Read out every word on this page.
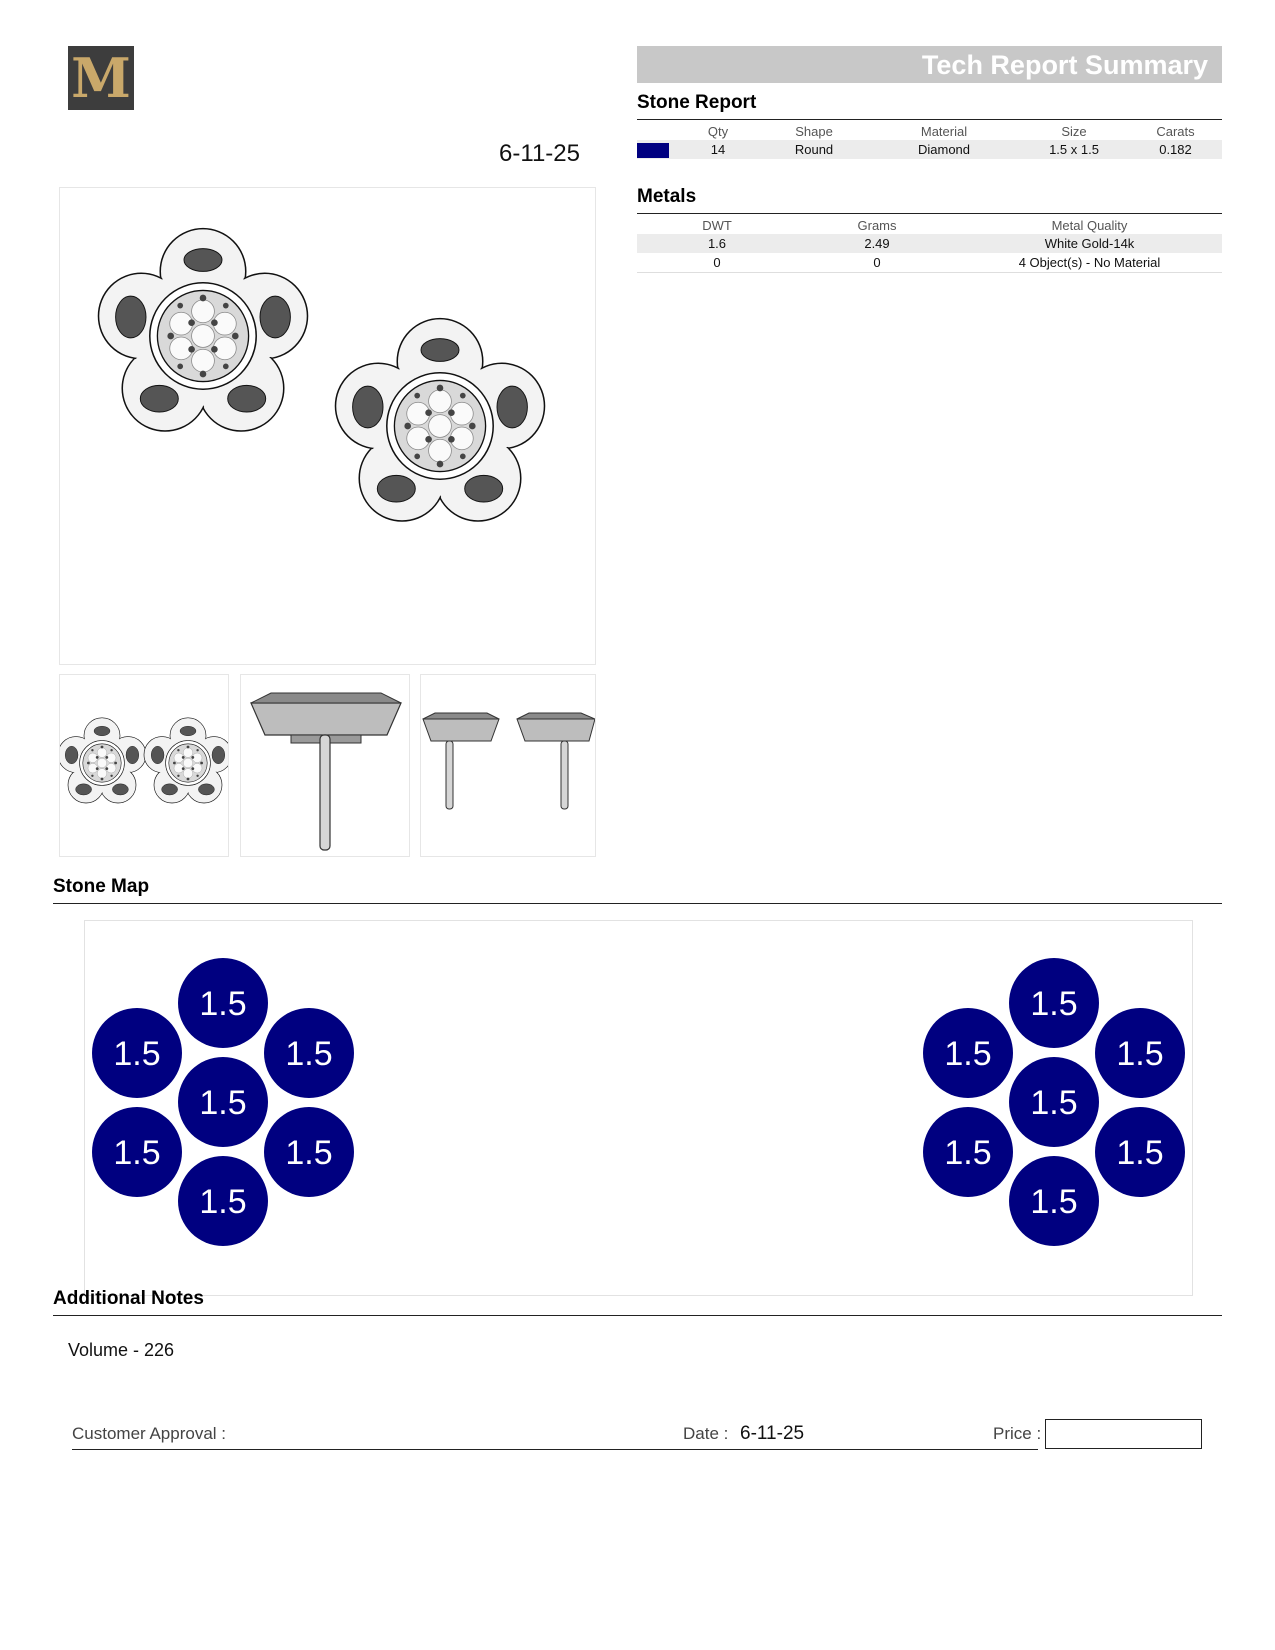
M
6-11-25
Tech Report Summary
Stone Report
	Qty	Shape	Material	Size	Carats
	14	Round	Diamond	1.5 x 1.5	0.182
Metals
DWT	Grams	Metal Quality
1.6	2.49	White Gold-14k
0	0	4 Object(s) - No Material
Stone Map
1.5
1.5
1.5
1.5
1.5
1.5
1.5
1.5
1.5
1.5
1.5
1.5
1.5
1.5
Additional Notes
Volume - 226
Customer Approval :	Date : 6-11-25	Price :
